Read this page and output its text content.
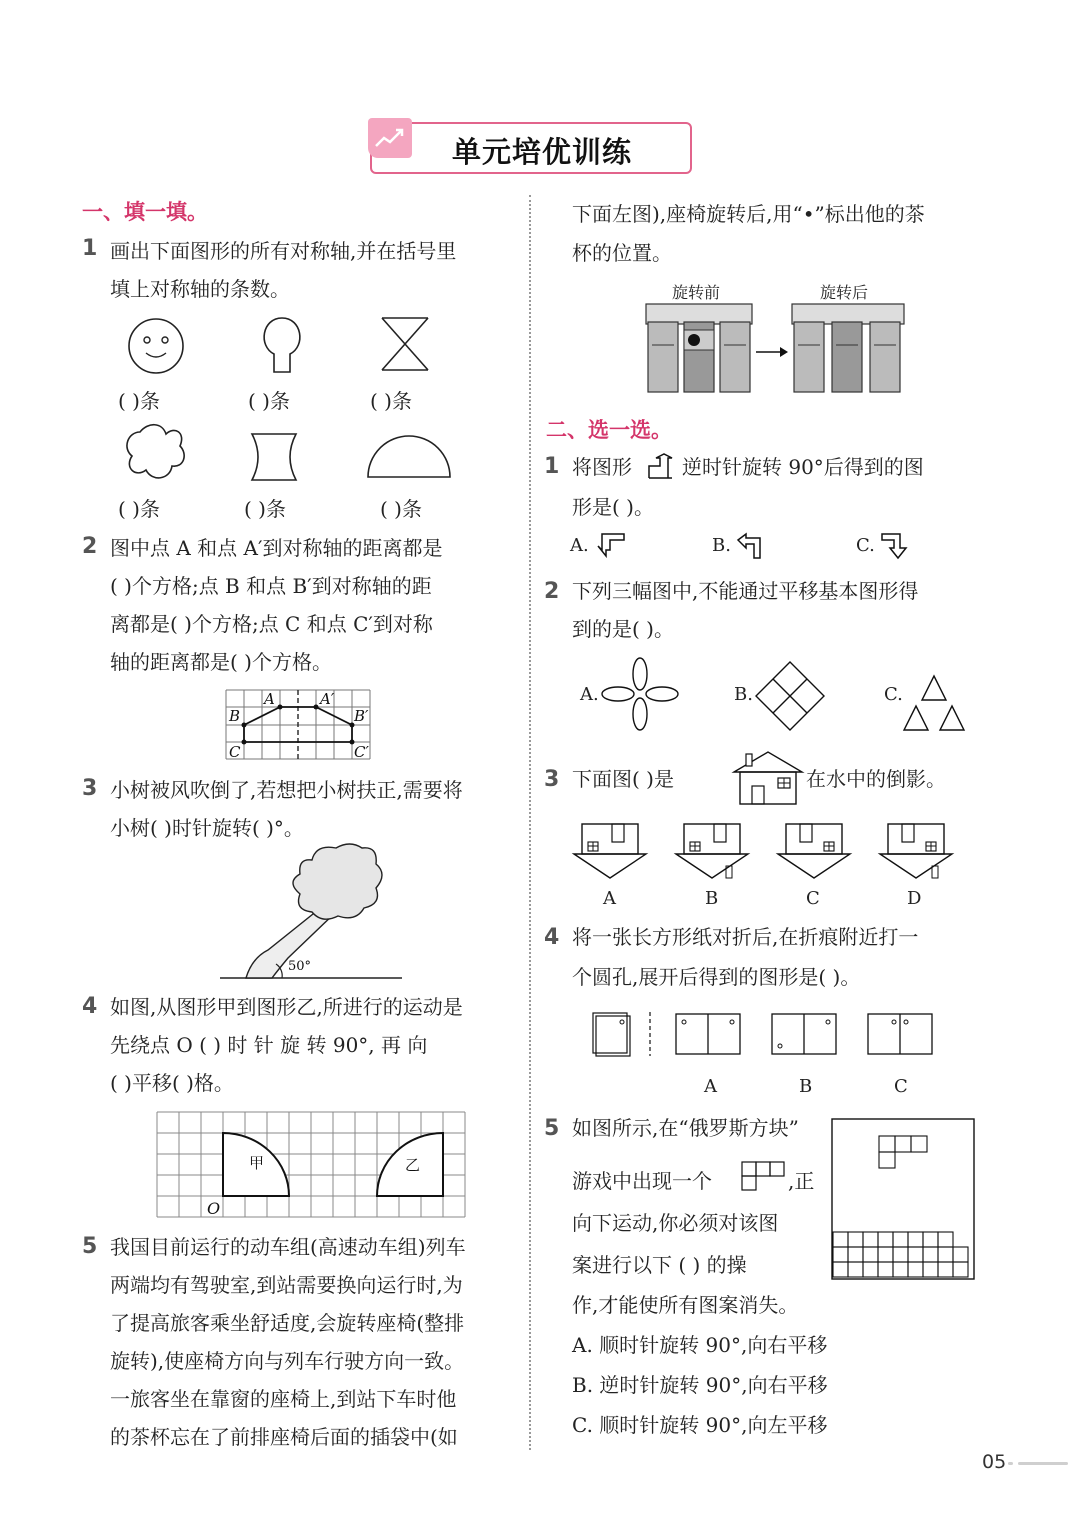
单元培优训练
一、填一填。
1 画出下面图形的所有对称轴,并在括号里
填上对称轴的条数。
( )条	( )条	( )条
( )条	( )条	( )条
2 图中点 A 和点 A′到对称轴的距离都是
( )个方格;点 B 和点 B′到对称轴的距
离都是( )个方格;点 C 和点 C′到对称
轴的距离都是( )个方格。
A	A′
B	B′
C	C′
3 小树被风吹倒了,若想把小树扶正,需要将
小树( )时针旋转( )°。
50°
4 如图,从图形甲到图形乙,所进行的运动是
先绕点 O ( ) 时 针 旋 转 90°, 再 向
( )平移( )格。
甲	乙
O
5 我国目前运行的动车组(高速动车组)列车
两端均有驾驶室,到站需要换向运行时,为
了提高旅客乘坐舒适度,会旋转座椅(整排
旋转),使座椅方向与列车行驶方向一致。
一旅客坐在靠窗的座椅上,到站下车时他
的茶杯忘在了前排座椅后面的插袋中(如
下面左图),座椅旋转后,用“•”标出他的茶
杯的位置。
旋转前	旋转后
二、选一选。
1 将图形	逆时针旋转 90°后得到的图
形是( )。
A.	B.	C.
2 下列三幅图中,不能通过平移基本图形得
到的是( )。
A.	B.	C.
3 下面图( )是	在水中的倒影。
A	B	C	D
4 将一张长方形纸对折后,在折痕附近打一
个圆孔,展开后得到的图形是( )。
A	B	C
5 如图所示,在“俄罗斯方块”
游戏中出现一个	,正
向下运动,你必须对该图
案进行以下 ( ) 的操
作,才能使所有图案消失。
A. 顺时针旋转 90°,向右平移
B. 逆时针旋转 90°,向右平移
C. 顺时针旋转 90°,向左平移
05
